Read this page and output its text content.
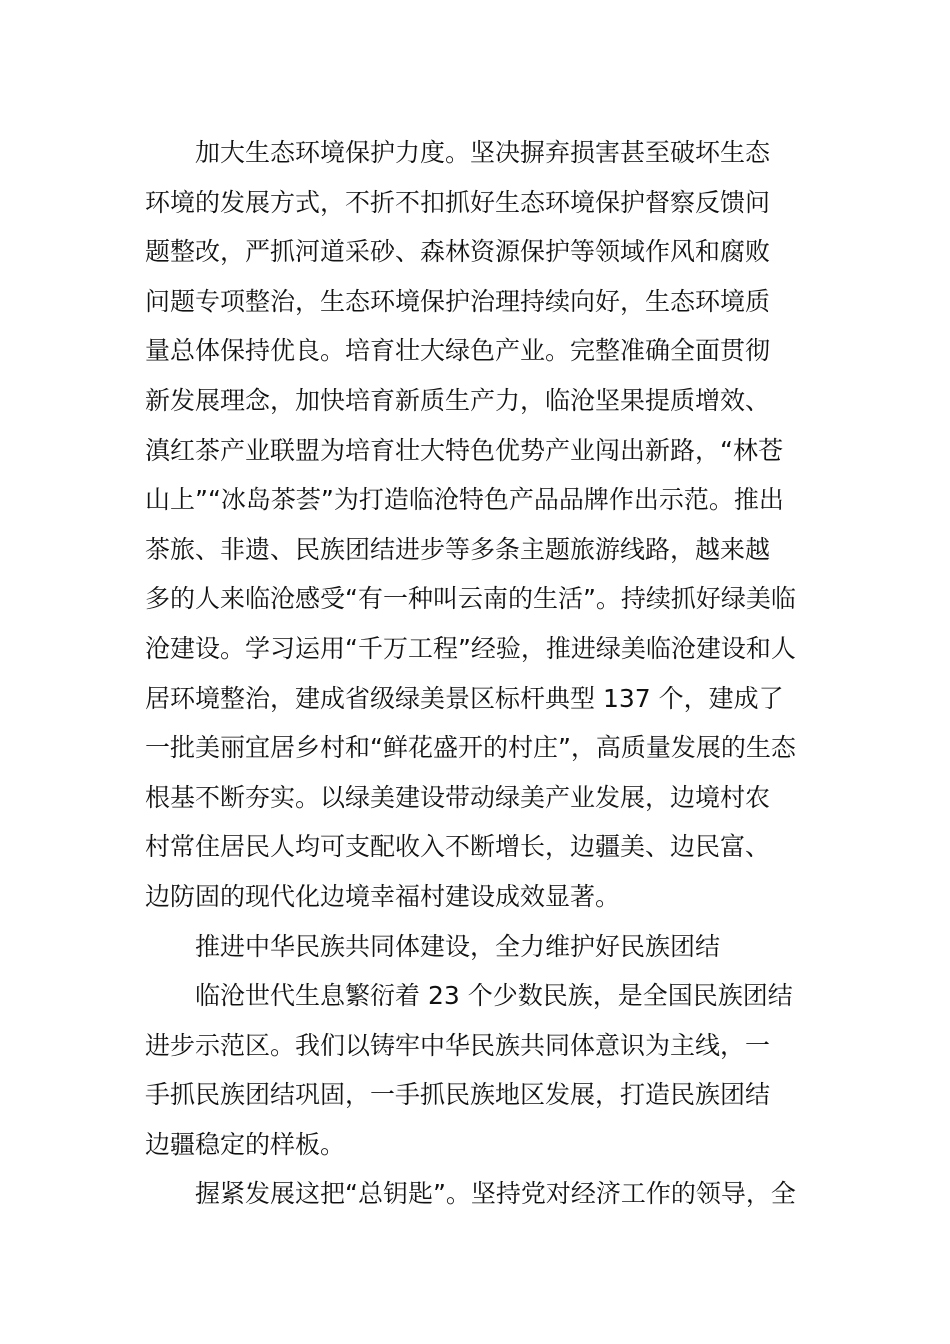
加大生态环境保护力度。坚决摒弃损害甚至破坏生态
环境的发展方式，不折不扣抓好生态环境保护督察反馈问
题整改，严抓河道采砂、森林资源保护等领域作风和腐败
问题专项整治，生态环境保护治理持续向好，生态环境质
量总体保持优良。培育壮大绿色产业。完整准确全面贯彻
新发展理念，加快培育新质生产力，临沧坚果提质增效、
滇红茶产业联盟为培育壮大特色优势产业闯出新路，“林苍
山上”“冰岛茶荟”为打造临沧特色产品品牌作出示范。推出
茶旅、非遗、民族团结进步等多条主题旅游线路，越来越
多的人来临沧感受“有一种叫云南的生活”。持续抓好绿美临
沧建设。学习运用“千万工程”经验，推进绿美临沧建设和人
居环境整治，建成省级绿美景区标杆典型 137 个，建成了
一批美丽宜居乡村和“鲜花盛开的村庄”，高质量发展的生态
根基不断夯实。以绿美建设带动绿美产业发展，边境村农
村常住居民人均可支配收入不断增长，边疆美、边民富、
边防固的现代化边境幸福村建设成效显著。
推进中华民族共同体建设，全力维护好民族团结
临沧世代生息繁衍着 23 个少数民族，是全国民族团结
进步示范区。我们以铸牢中华民族共同体意识为主线，一
手抓民族团结巩固，一手抓民族地区发展，打造民族团结
边疆稳定的样板。
握紧发展这把“总钥匙”。坚持党对经济工作的领导，全
